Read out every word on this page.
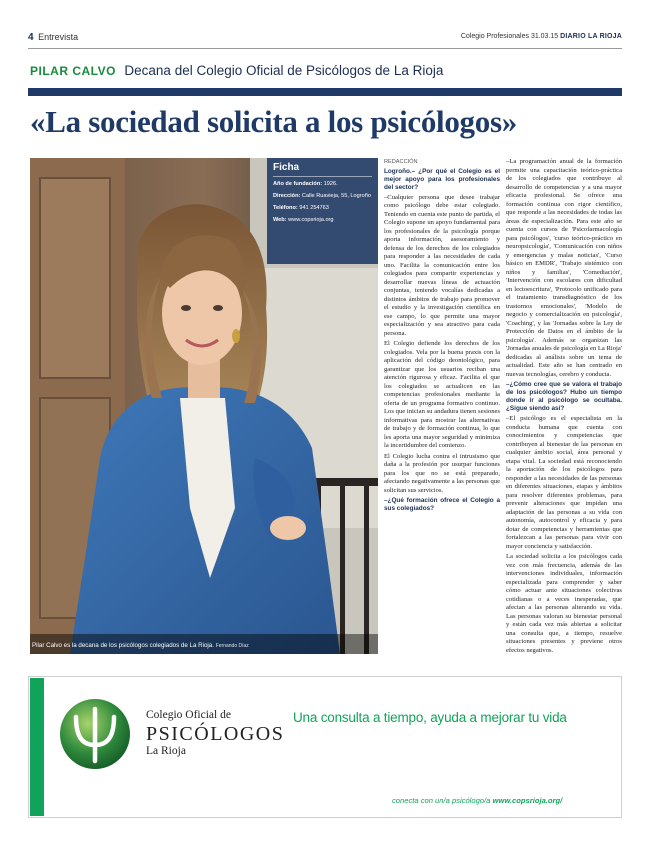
4 Entrevista	Colegio Profesionales 31.03.15 DIARIO LA RIOJA
PILAR CALVO Decana del Colegio Oficial de Psicólogos de La Rioja
«La sociedad solicita a los psicólogos»
Ficha
Año de fundación: 1926.
Dirección: Calle Ruavieja, 55, Logroño
Teléfono: 941 254763
Web: www.copsrioja.org
Pilar Calvo es la decana de los psicólogos colegiados de La Rioja. Fernando Díaz
REDACCIÓN

Logroño.– ¿Por qué el Colegio es el mejor apoyo para los profesionales del sector?

–Cualquier persona que desee trabajar como psicólogo debe estar colegiado. Teniendo en cuenta este punto de partida, el Colegio supone un apoyo fundamental para los profesionales de la psicología porque aporta información, asesoramiento y defensa de los derechos de los colegiados para responder a las necesidades de cada uno. Facilita la comunicación entre los colegiados para compartir experiencias y desarrollar nuevas líneas de actuación conjuntas, teniendo vocalías dedicadas a distintos ámbitos de trabajo para promover el estudio y la investigación científica en ese campo, lo que permite una mayor especialización y sea atractivo para cada persona.

El Colegio defiende los derechos de los colegiados. Vela por la buena praxis con la aplicación del código deontológico, para garantizar que los usuarios reciban una atención rigurosa y eficaz. Facilita el que los colegiados se actualicen en las competencias profesionales mediante la oferta de un programa formativo continuo. Los que inician su andadura tienen sesiones informativas para mostrar las alternativas de trabajo y de formación continua, lo que les aporta una mayor seguridad y minimiza la incertidumbre del comienzo.

El Colegio lucha contra el intrusismo que daña a la profesión por usurpar funciones para los que no se está preparado, afectando negativamente a las personas que solicitan sus servicios.

–¿Qué formación ofrece el Colegio a sus colegiados?

–La programación anual de la formación permite una capacitación teórico-práctica de los colegiados que contribuye al desarrollo de competencias y a una mayor eficacia profesional. Se ofrece una formación continua con rigor científico, que responde a las necesidades de todas las áreas de especialización. Para este año se cuenta con cursos de 'Psicofarmacología para psicólogos', 'curso teórico-práctico en neuropsicología', 'Comunicación con niños y emergencias y malas noticias', 'Curso básico en EMDR', 'Trabajo sistémico con niños y familias', 'Comediación', 'Intervención con escolares con dificultad en lectoescritura', 'Protocolo unificado para el tratamiento transdiagnóstico de los trastornos emocionales', 'Modelo de negocio y comercialización en psicología', 'Coaching', y las 'Jornadas sobre la Ley de Protección de Datos en el ámbito de la psicología'. Además se organizan las 'Jornadas anuales de psicología en La Rioja' dedicadas al análisis sobre un tema de actualidad. Este año se han centrado en nuevas tecnologías, cerebro y conducta.

–¿Cómo cree que se valora el trabajo de los psicólogos? Hubo un tiempo donde ir al psicólogo se ocultaba. ¿Sigue siendo así?

–El psicólogo es el especialista en la conducta humana que cuenta con conocimientos y competencias que contribuyen al bienestar de las personas en cualquier ámbito social, área personal y etapa vital. La sociedad está reconociendo la aportación de los psicólogos para responder a las necesidades de las personas en diferentes situaciones, etapas y ámbitos para resolver diferentes problemas, para prevenir alteraciones que impidan una adaptación de las personas a su vida con autonomía, autocontrol y eficacia y para dotar de competencias y herramientas que fortalezcan a las personas para vivir con mayor conciencia y satisfacción.

La sociedad solicita a los psicólogos cada vez con más frecuencia, además de las intervenciones individuales, información especializada para comprender y saber cómo actuar ante situaciones colectivas cotidianas o a veces inesperadas, que afectan a las personas alterando su vida. Las personas valoran su bienestar personal y están cada vez más abiertas a solicitar una consulta que, a tiempo, resuelve situaciones presentes y previene otros efectos negativos.

Colegio Oficial de
PSICÓLOGOS
La Rioja
Una consulta a tiempo, ayuda a mejorar tu vida
conecta con un/a psicólogo/a www.copsrioja.org/
